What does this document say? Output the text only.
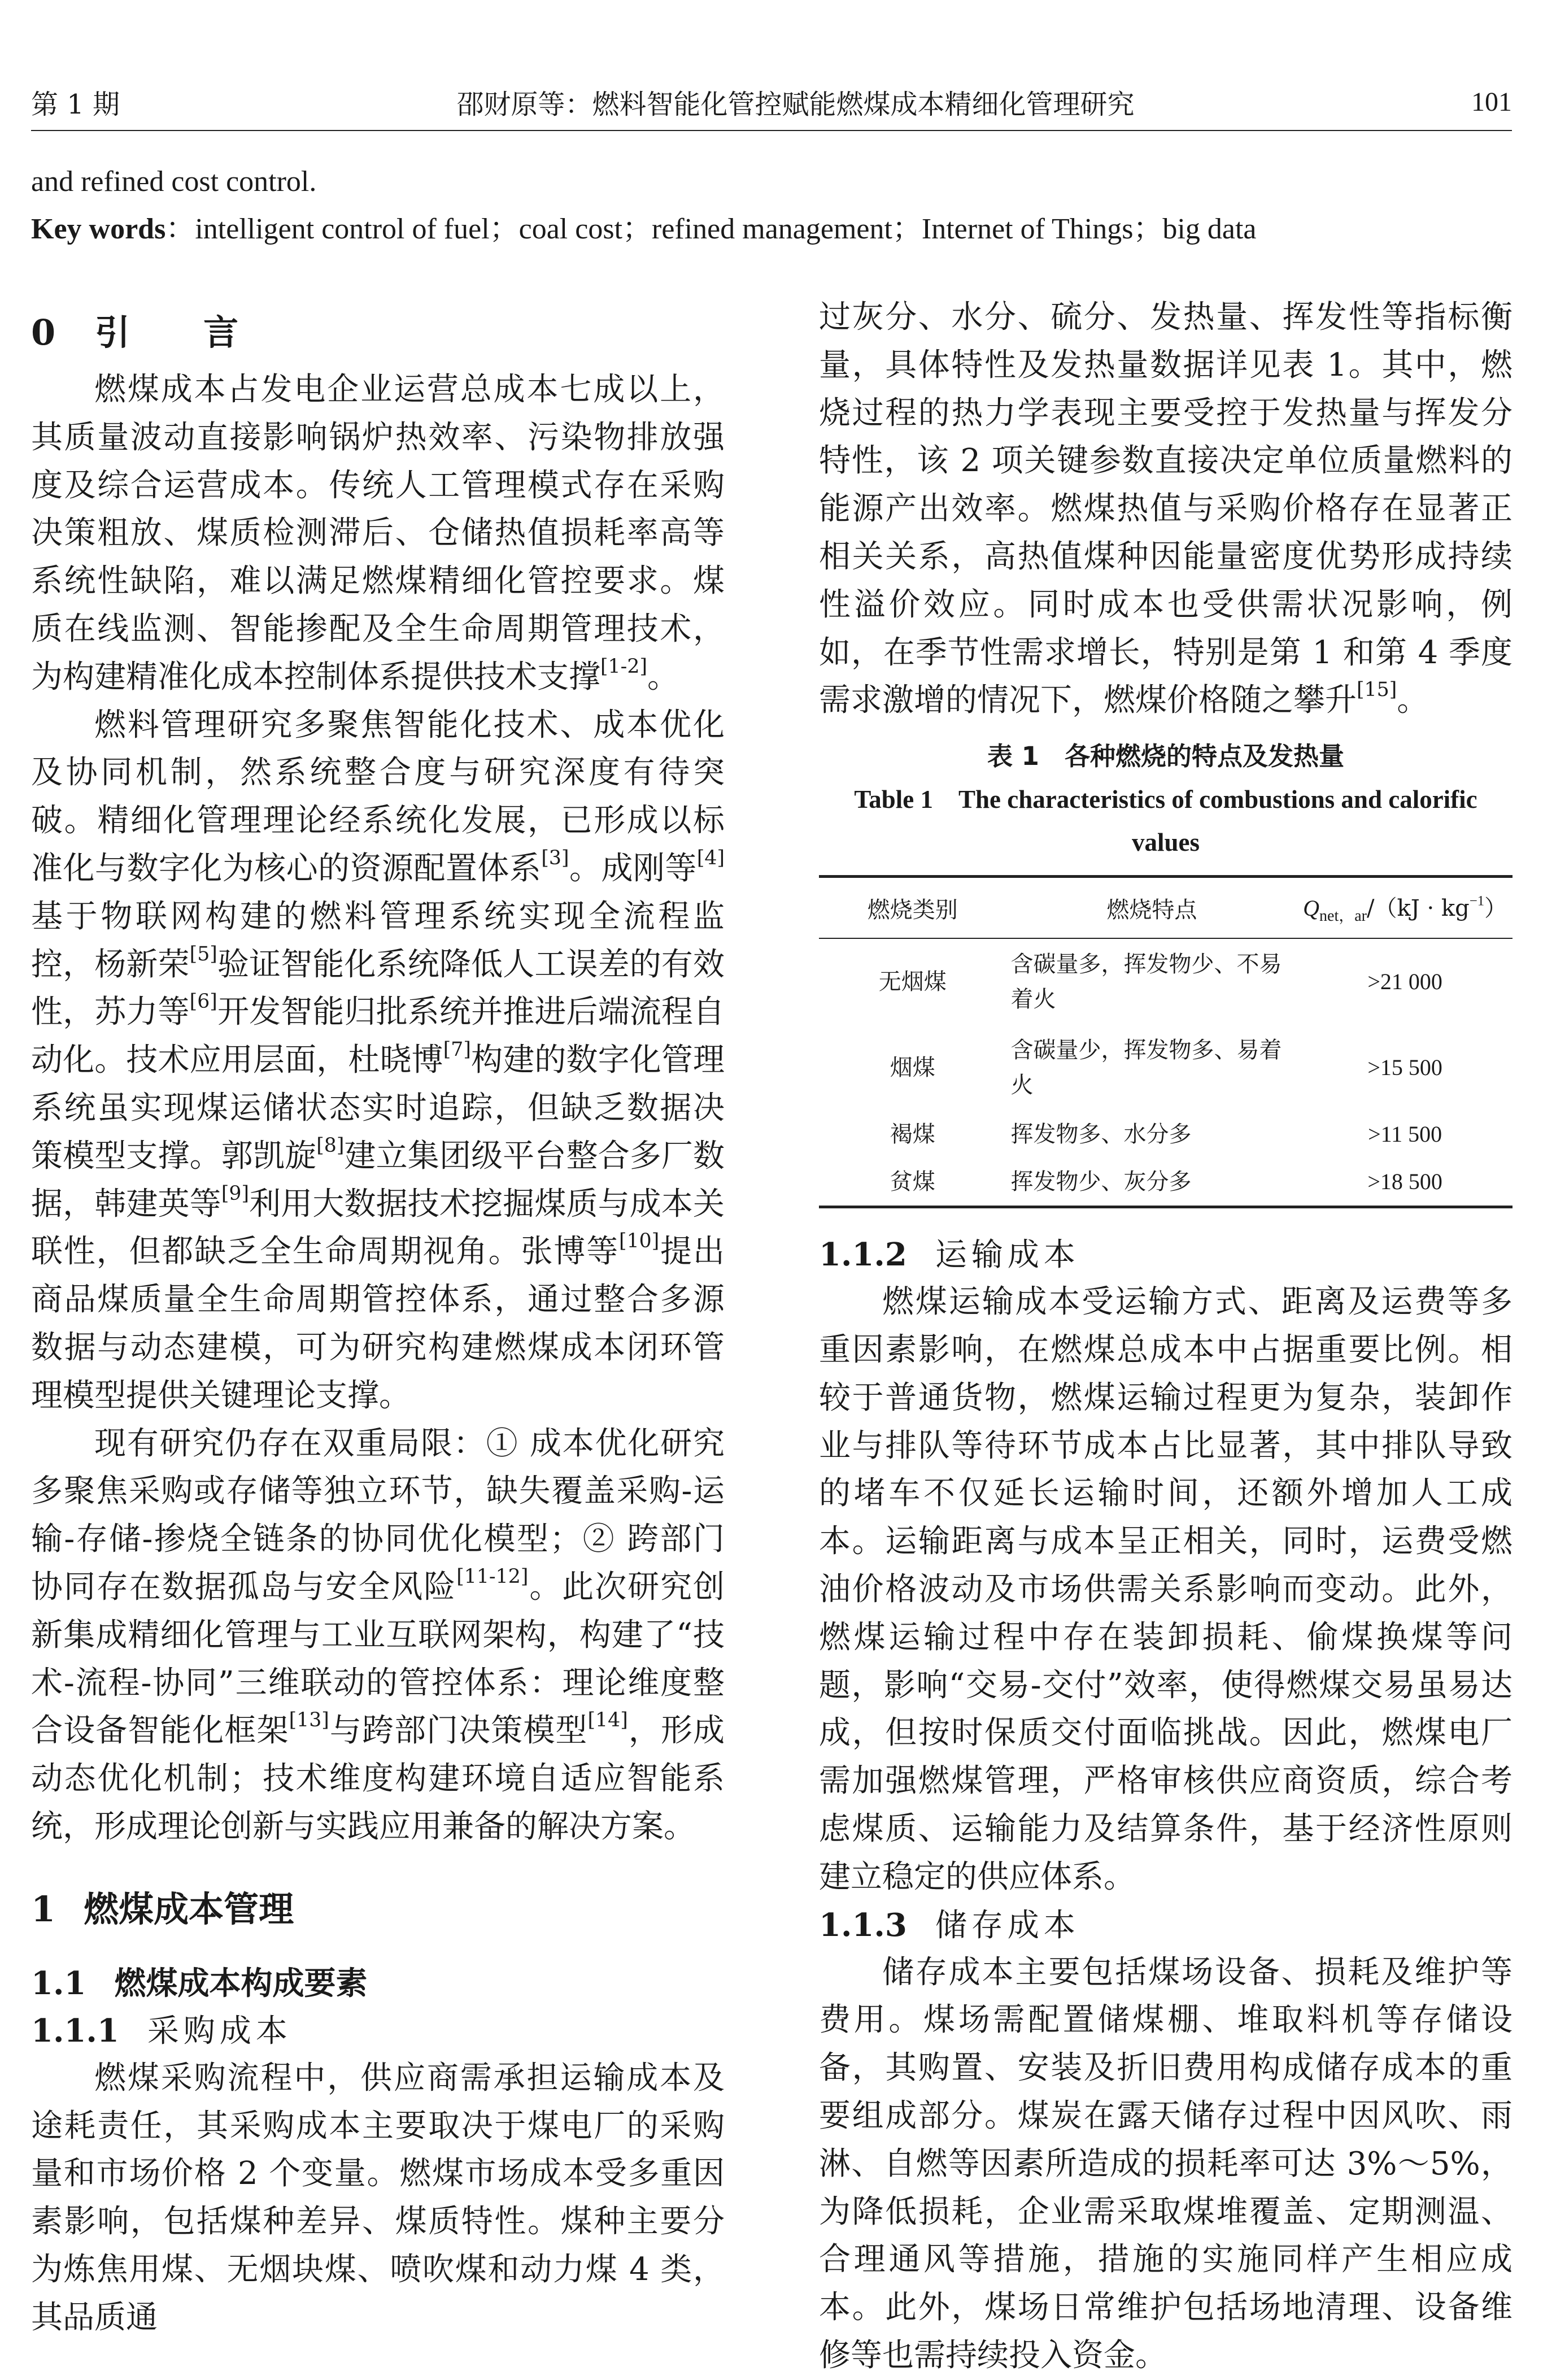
第 1 期	邵财原等：燃料智能化管控赋能燃煤成本精细化管理研究	101
and refined cost control.
Key words：intelligent control of fuel；coal cost；refined management；Internet of Things；big data
0 引言

燃煤成本占发电企业运营总成本七成以上，其质量波动直接影响锅炉热效率、污染物排放强度及综合运营成本。传统人工管理模式存在采购决策粗放、煤质检测滞后、仓储热值损耗率高等系统性缺陷，难以满足燃煤精细化管控要求。煤质在线监测、智能掺配及全生命周期管理技术，为构建精准化成本控制体系提供技术支撑[1-2]。

燃料管理研究多聚焦智能化技术、成本优化及协同机制，然系统整合度与研究深度有待突破。精细化管理理论经系统化发展，已形成以标准化与数字化为核心的资源配置体系[3]。成刚等[4]基于物联网构建的燃料管理系统实现全流程监控，杨新荣[5]验证智能化系统降低人工误差的有效性，苏力等[6]开发智能归批系统并推进后端流程自动化。技术应用层面，杜晓博[7]构建的数字化管理系统虽实现煤运储状态实时追踪，但缺乏数据决策模型支撑。郭凯旋[8]建立集团级平台整合多厂数据，韩建英等[9]利用大数据技术挖掘煤质与成本关联性，但都缺乏全生命周期视角。张博等[10]提出商品煤质量全生命周期管控体系，通过整合多源数据与动态建模，可为研究构建燃煤成本闭环管理模型提供关键理论支撑。

现有研究仍存在双重局限：① 成本优化研究多聚焦采购或存储等独立环节，缺失覆盖采购-运输-存储-掺烧全链条的协同优化模型；② 跨部门协同存在数据孤岛与安全风险[11-12]。此次研究创新集成精细化管理与工业互联网架构，构建了“技术-流程-协同”三维联动的管控体系：理论维度整合设备智能化框架[13]与跨部门决策模型[14]，形成动态优化机制；技术维度构建环境自适应智能系统，形成理论创新与实践应用兼备的解决方案。

1 燃煤成本管理
1.1 燃煤成本构成要素
1.1.1 采购成本

燃煤采购流程中，供应商需承担运输成本及途耗责任，其采购成本主要取决于煤电厂的采购量和市场价格 2 个变量。燃煤市场成本受多重因素影响，包括煤种差异、煤质特性。煤种主要分为炼焦用煤、无烟块煤、喷吹煤和动力煤 4 类，其品质通

过灰分、水分、硫分、发热量、挥发性等指标衡量，具体特性及发热量数据详见表 1。其中，燃烧过程的热力学表现主要受控于发热量与挥发分特性，该 2 项关键参数直接决定单位质量燃料的能源产出效率。燃煤热值与采购价格存在显著正相关关系，高热值煤种因能量密度优势形成持续性溢价效应。同时成本也受供需状况影响，例如，在季节性需求增长，特别是第 1 和第 4 季度需求激增的情况下，燃煤价格随之攀升[15]。

表 1　各种燃烧的特点及发热量
Table 1　The characteristics of combustions and calorific values
燃烧类别	燃烧特点	$Q_{net,ar}/(kJ \cdot kg^{-1})$
无烟煤	含碳量多，挥发物少、不易着火	>21 000
烟煤	含碳量少，挥发物多、易着火	>15 500
褐煤	挥发物多、水分多	>11 500
贫煤	挥发物少、灰分多	>18 500
1.1.2 运输成本

燃煤运输成本受运输方式、距离及运费等多重因素影响，在燃煤总成本中占据重要比例。相较于普通货物，燃煤运输过程更为复杂，装卸作业与排队等待环节成本占比显著，其中排队导致的堵车不仅延长运输时间，还额外增加人工成本。运输距离与成本呈正相关，同时，运费受燃油价格波动及市场供需关系影响而变动。此外，燃煤运输过程中存在装卸损耗、偷煤换煤等问题，影响“交易-交付”效率，使得燃煤交易虽易达成，但按时保质交付面临挑战。因此，燃煤电厂需加强燃煤管理，严格审核供应商资质，综合考虑煤质、运输能力及结算条件，基于经济性原则建立稳定的供应体系。

1.1.3 储存成本

储存成本主要包括煤场设备、损耗及维护等费用。煤场需配置储煤棚、堆取料机等存储设备，其购置、安装及折旧费用构成储存成本的重要组成部分。煤炭在露天储存过程中因风吹、雨淋、自燃等因素所造成的损耗率可达 3%～5%，为降低损耗，企业需采取煤堆覆盖、定期测温、合理通风等措施，措施的实施同样产生相应成本。此外，煤场日常维护包括场地清理、设备维修等也需持续投入资金。
